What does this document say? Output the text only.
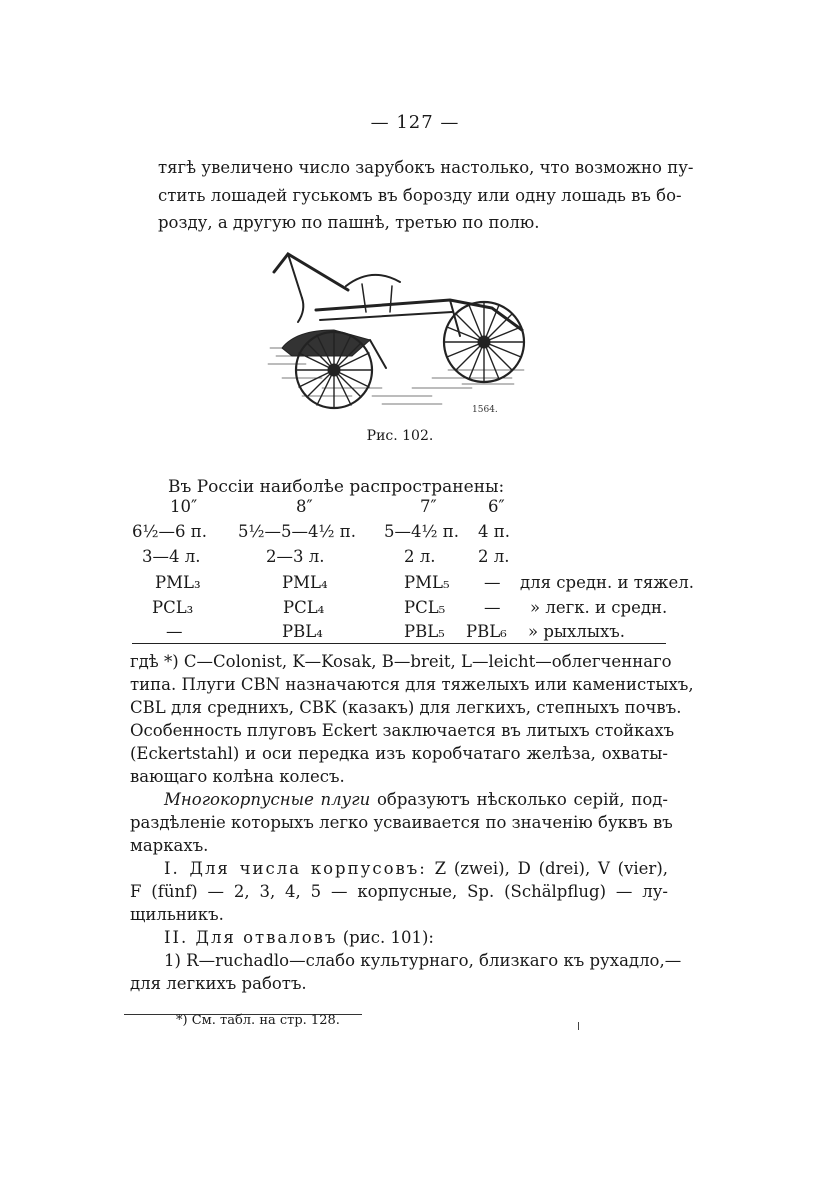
— 127 —
тягѣ увеличено число зарубокъ настолько, что возможно пу-
стить лошадей гуськомъ въ борозду или одну лошадь въ бо-
розду, а другую по пашнѣ, третью по полю.
1564.
Рис. 102.
Въ Россіи наиболѣе распространены:
10″	8″	7″	6″
6½—6 п. 5½—5—4½ п. 5—4½ п. 4 п.
3—4 л.	2—3 л.	2 л.	2 л.
PML₃	PML₄	PML₅ — для средн. и тяжел.
PCL₃	PCL₄	PCL₅ — » легк. и средн.
—	PBL₄	PBL₅ PBL₆ » рыхлыхъ.
гдѣ *) C—Colonist, K—Kosak, B—breit, L—leicht—облегченнаго
типа. Плуги CBN назначаются для тяжелыхъ или каменистыхъ,
CBL для среднихъ, CBK (казакъ) для легкихъ, степныхъ почвъ.
Особенность плуговъ Eckert заключается въ литыхъ стойкахъ
(Eckertstahl) и оси передка изъ коробчатаго желѣза, охваты-
вающаго колѣна колесъ.
Многокорпусные плуги образуютъ нѣсколько серій, под-
раздѣленіе которыхъ легко усваивается по значенію буквъ въ
маркахъ.
I. Для числа корпусовъ: Z (zwei), D (drei), V (vier),
F (fünf) — 2, 3, 4, 5 — корпусные, Sp. (Schälpflug) — лу-
щильникъ.
II. Для отваловъ (рис. 101):
1) R—ruchadlo—слабо культурнаго, близкаго къ рухадло,—
для легкихъ работъ.
*) См. табл. на стр. 128.
